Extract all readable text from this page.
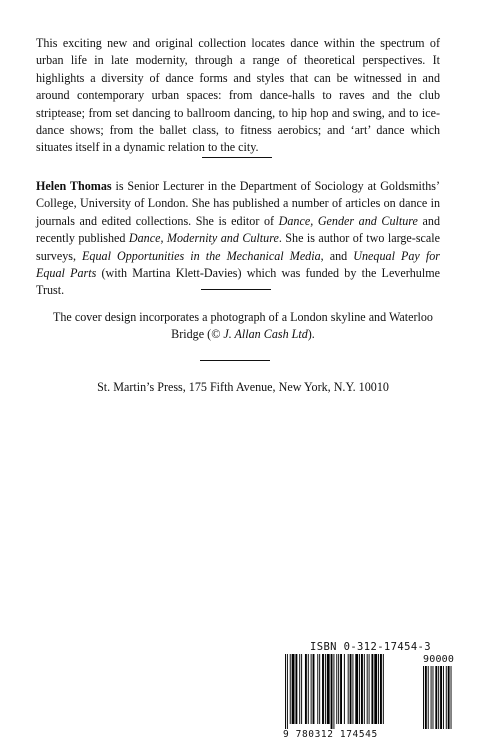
This exciting new and original collection locates dance within the spectrum of urban life in late modernity, through a range of theoretical perspectives. It highlights a diversity of dance forms and styles that can be witnessed in and around contemporary urban spaces: from dance-halls to raves and the club striptease; from set dancing to ballroom dancing, to hip hop and swing, and to ice-dance shows; from the ballet class, to fitness aerobics; and ‘art’ dance which situates itself in a dynamic relation to the city.

Helen Thomas is Senior Lecturer in the Department of Sociology at Goldsmiths’ College, University of London. She has published a number of articles on dance in journals and edited collections. She is editor of Dance, Gender and Culture and recently published Dance, Modernity and Culture. She is author of two large-scale surveys, Equal Opportunities in the Mechanical Media, and Unequal Pay for Equal Parts (with Martina Klett-Davies) which was funded by the Leverhulme Trust.

The cover design incorporates a photograph of a London skyline and Waterloo Bridge (© J. Allan Cash Ltd).

St. Martin’s Press, 175 Fifth Avenue, New York, N.Y. 10010

ISBN 0-312-17454-3
90000
9 780312 174545
